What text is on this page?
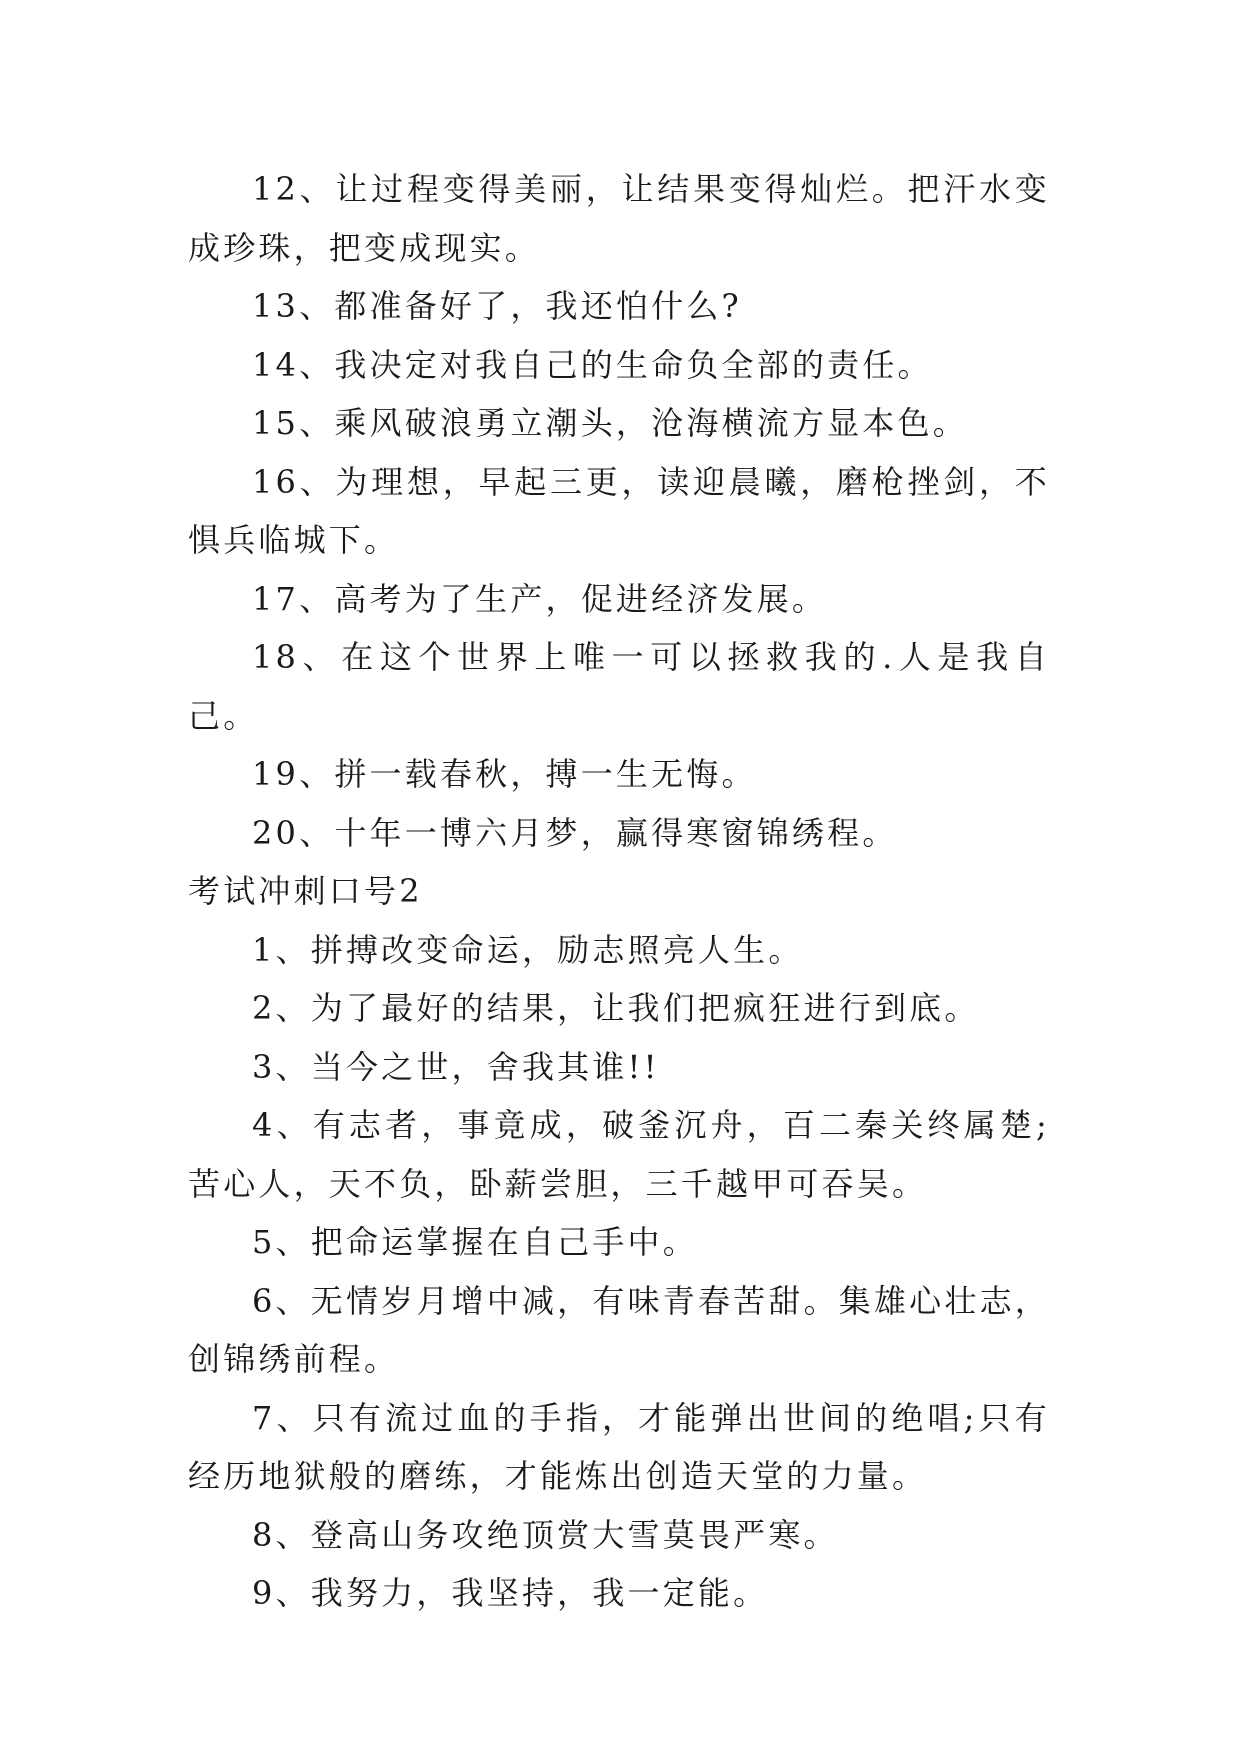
12、让过程变得美丽，让结果变得灿烂。把汗水变成珍珠，把变成现实。

13、都准备好了，我还怕什么?

14、我决定对我自己的生命负全部的责任。

15、乘风破浪勇立潮头，沧海横流方显本色。

16、为理想，早起三更，读迎晨曦，磨枪挫剑，不惧兵临城下。

17、高考为了生产，促进经济发展。

18、在这个世界上唯一可以拯救我的.人是我自己。

19、拼一载春秋，搏一生无悔。

20、十年一博六月梦，赢得寒窗锦绣程。

考试冲刺口号2

1、拼搏改变命运，励志照亮人生。

2、为了最好的结果，让我们把疯狂进行到底。

3、当今之世，舍我其谁!!

4、有志者，事竟成，破釜沉舟，百二秦关终属楚;苦心人，天不负，卧薪尝胆，三千越甲可吞吴。

5、把命运掌握在自己手中。

6、无情岁月增中减，有味青春苦甜。集雄心壮志，创锦绣前程。

7、只有流过血的手指，才能弹出世间的绝唱;只有经历地狱般的磨练，才能炼出创造天堂的力量。

8、登高山务攻绝顶赏大雪莫畏严寒。

9、我努力，我坚持，我一定能。
